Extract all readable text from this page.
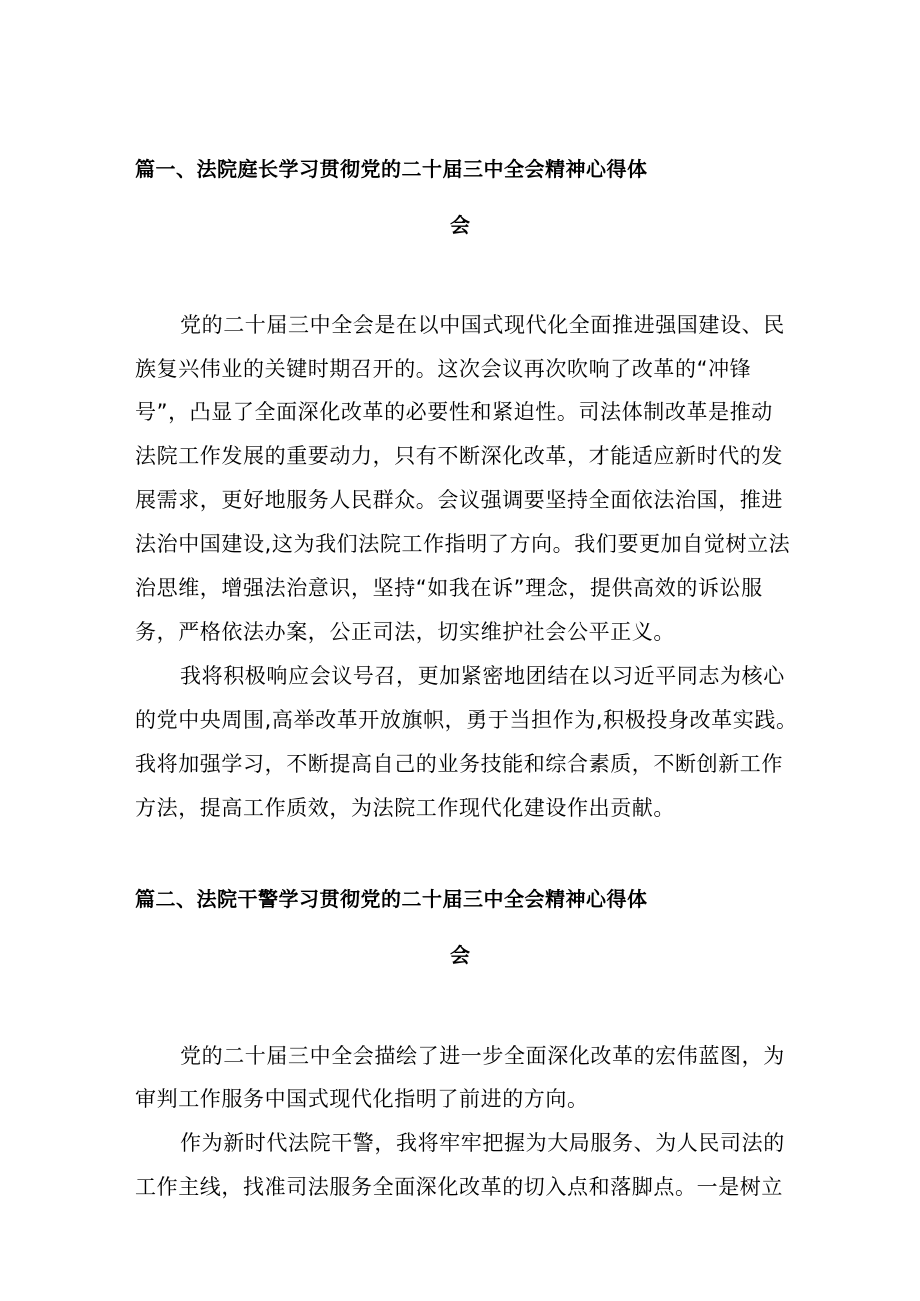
篇一、法院庭长学习贯彻党的二十届三中全会精神心得体
会
党的二十届三中全会是在以中国式现代化全面推进强国建设、民
族复兴伟业的关键时期召开的。这次会议再次吹响了改革的“冲锋
号”，凸显了全面深化改革的必要性和紧迫性。司法体制改革是推动
法院工作发展的重要动力，只有不断深化改革，才能适应新时代的发
展需求，更好地服务人民群众。会议强调要坚持全面依法治国，推进
法治中国建设,这为我们法院工作指明了方向。我们要更加自觉树立法
治思维，增强法治意识，坚持“如我在诉”理念，提供高效的诉讼服
务，严格依法办案，公正司法，切实维护社会公平正义。
我将积极响应会议号召，更加紧密地团结在以习近平同志为核心
的党中央周围,高举改革开放旗帜，勇于当担作为,积极投身改革实践。
我将加强学习，不断提高自己的业务技能和综合素质，不断创新工作
方法，提高工作质效，为法院工作现代化建设作出贡献。
篇二、法院干警学习贯彻党的二十届三中全会精神心得体
会
党的二十届三中全会描绘了进一步全面深化改革的宏伟蓝图，为
审判工作服务中国式现代化指明了前进的方向。
作为新时代法院干警，我将牢牢把握为大局服务、为人民司法的
工作主线，找准司法服务全面深化改革的切入点和落脚点。一是树立
